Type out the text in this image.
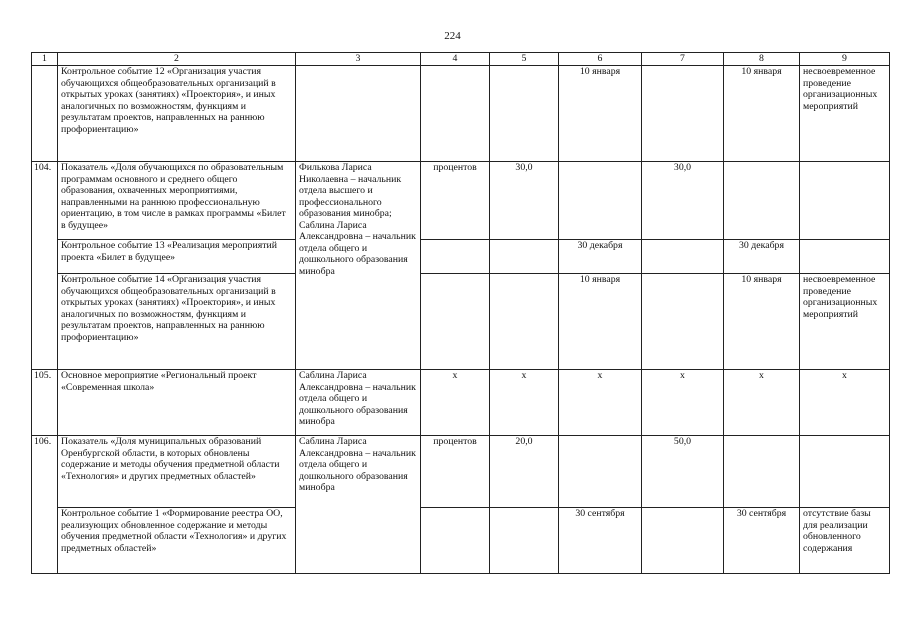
224
1	2	3	4	5	6	7	8	9
	Контрольное событие 12 «Организация участия обучающихся общеобразовательных организаций в открытых уроках (занятиях) «Проектория», и иных аналогичных по возможностям, функциям и результатам проектов, направленных на раннюю профориентацию»				10 января		10 января	несвоевременное проведение организационных мероприятий
104.	Показатель «Доля обучающихся по образовательным программам основного и среднего общего образования, охваченных мероприятиями, направленными на раннюю профессиональную ориентацию, в том числе в рамках программы «Билет в будущее»	Филькова Лариса Николаевна – начальник отдела высшего и профессионального образования минобра; Саблина Лариса Александровна – начальник отдела общего и дошкольного образования минобра	процентов	30,0		30,0		
	Контрольное событие 13 «Реализация мероприятий проекта «Билет в будущее»				30 декабря		30 декабря	
	Контрольное событие 14 «Организация участия обучающихся общеобразовательных организаций в открытых уроках (занятиях) «Проектория», и иных аналогичных по возможностям, функциям и результатам проектов, направленных на раннюю профориентацию»				10 января		10 января	несвоевременное проведение организационных мероприятий
105.	Основное мероприятие «Региональный проект «Современная школа»	Саблина Лариса Александровна – начальник отдела общего и дошкольного образования минобра	x	x	x	x	x	x
106.	Показатель «Доля муниципальных образований Оренбургской области, в которых обновлены содержание и методы обучения предметной области «Технология» и других предметных областей»	Саблина Лариса Александровна – начальник отдела общего и дошкольного образования минобра	процентов	20,0		50,0		
	Контрольное событие 1 «Формирование реестра ОО, реализующих обновленное содержание и методы обучения предметной области «Технология» и других предметных областей»				30 сентября		30 сентября	отсутствие базы для реализации обновленного содержания
